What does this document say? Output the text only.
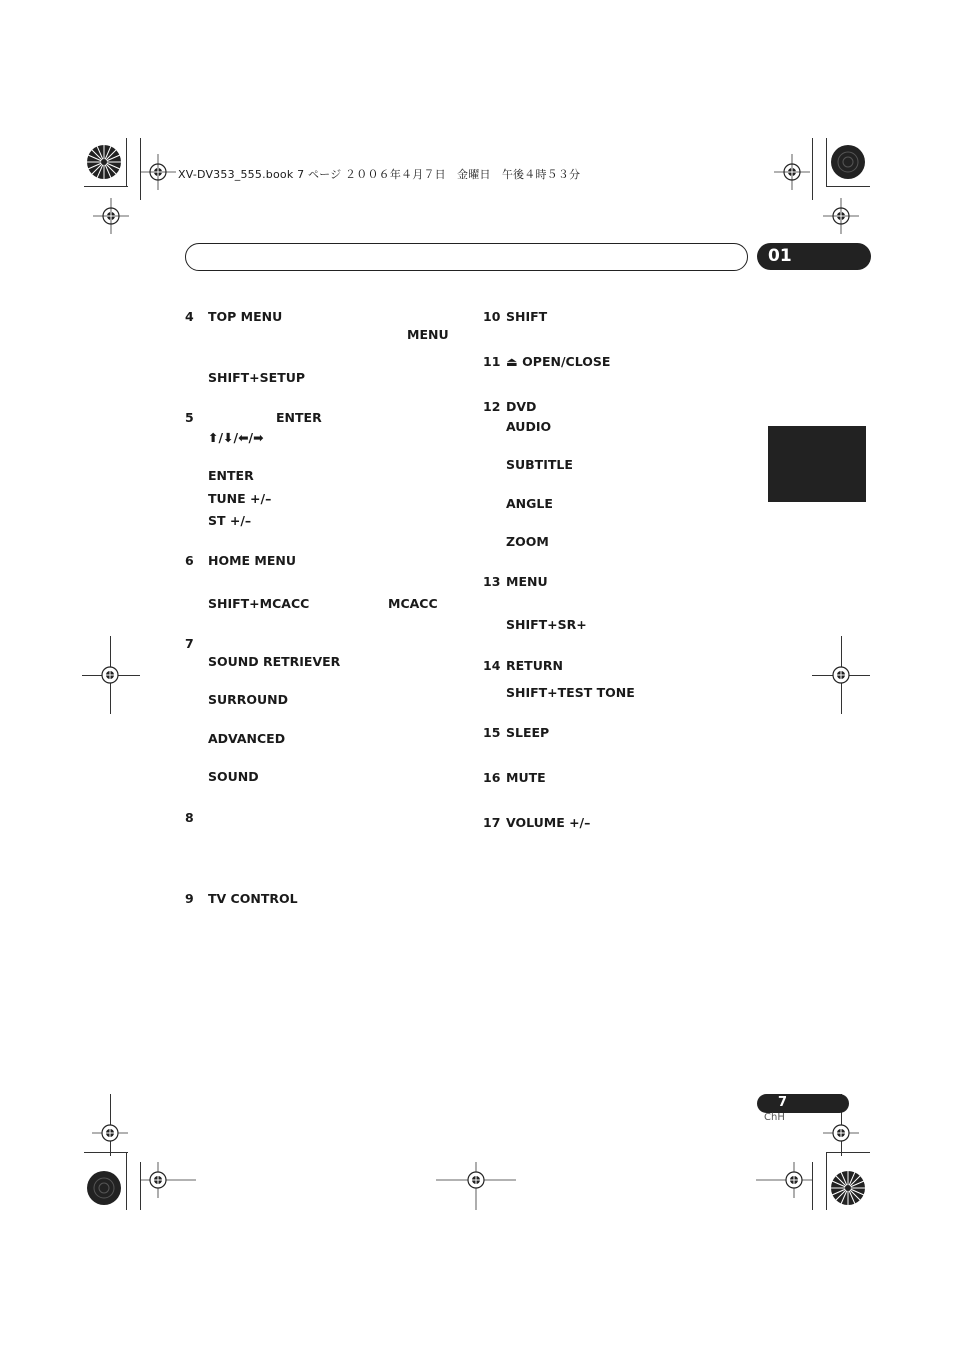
XV-DV353_555.book 7 ページ ２００６年４月７日　金曜日　午後４時５３分
01
4 TOP MENU
MENU
SHIFT+SETUP
5	ENTER
⬆/⬇/⬅/➡
ENTER
TUNE +/–
ST +/–
6 HOME MENU
SHIFT+MCACC	MCACC
7
SOUND RETRIEVER
SURROUND
ADVANCED
SOUND
8
9 TV CONTROL
10 SHIFT
11 ⏏ OPEN/CLOSE
12 DVD
AUDIO
SUBTITLE
ANGLE
ZOOM
13 MENU
SHIFT+SR+
14 RETURN
SHIFT+TEST TONE
15 SLEEP
16 MUTE
17 VOLUME +/–
7
ChH
